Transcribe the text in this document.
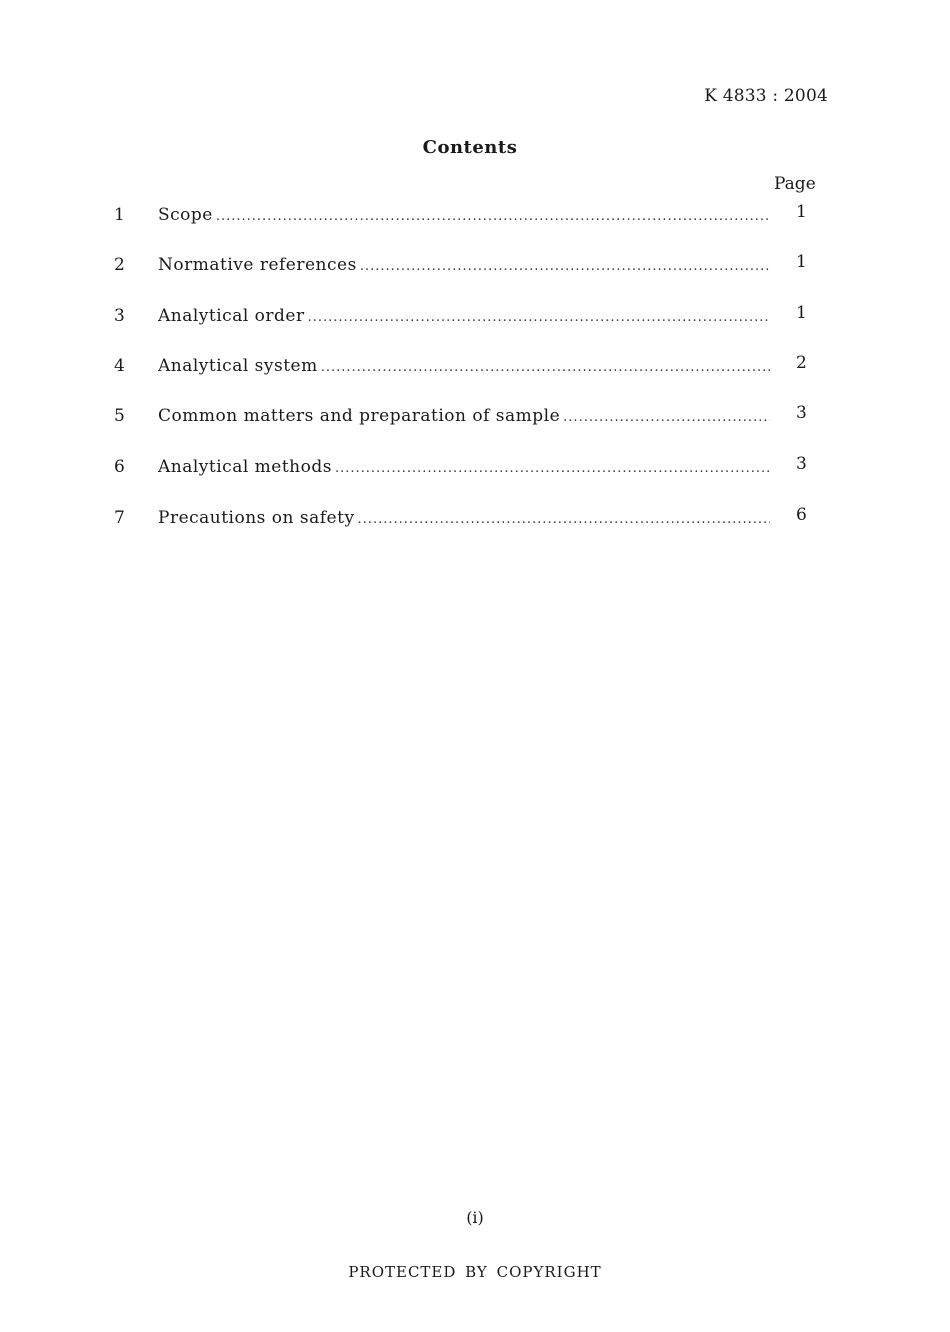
K 4833 : 2004
Contents
Page
1 Scope .....	1
2 Normative references .....	1
3 Analytical order .....	1
4 Analytical system .....	2
5 Common matters and preparation of sample .....	3
6 Analytical methods .....	3
7 Precautions on safety .....	6
(i)
PROTECTED BY COPYRIGHT
